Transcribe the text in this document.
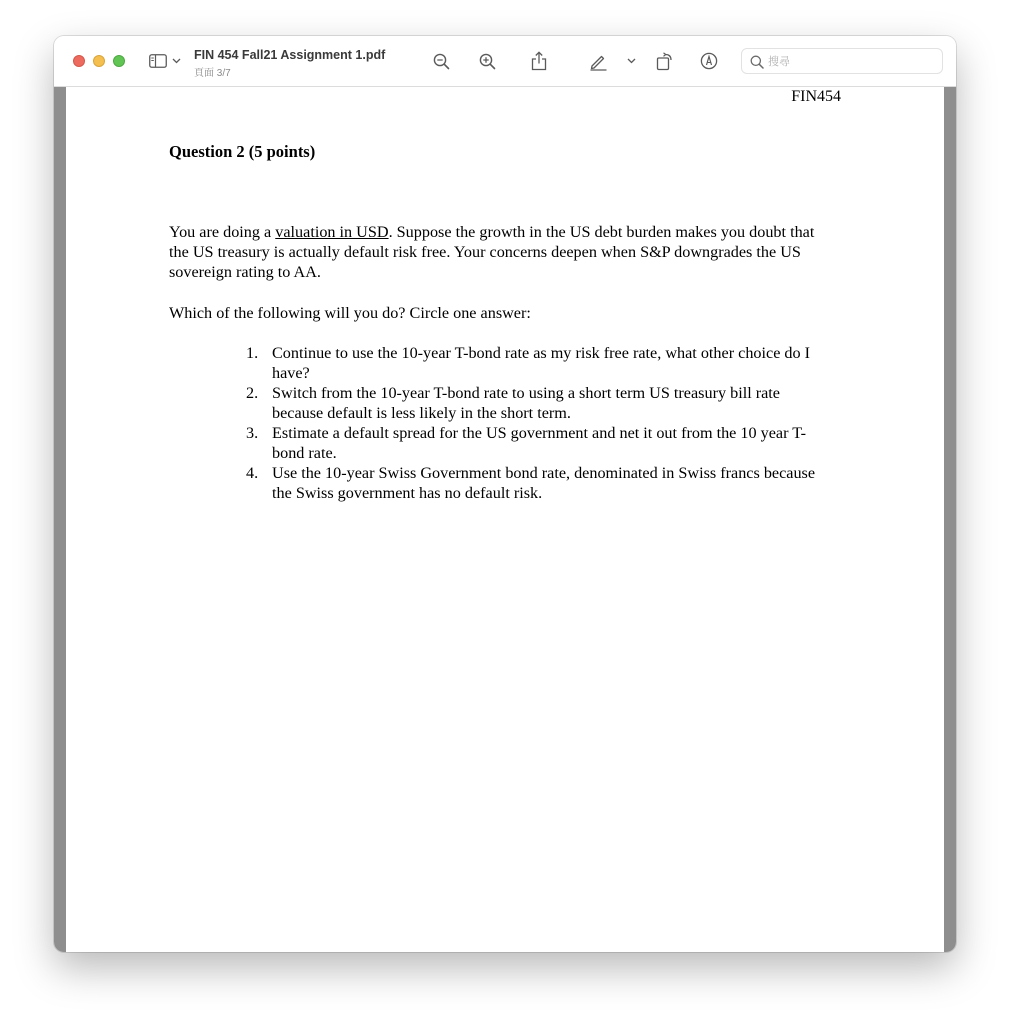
FIN 454 Fall21 Assignment 1.pdf
頁面 3/7
搜尋
FIN454
Question 2 (5 points)
You are doing a valuation in USD. Suppose the growth in the US debt burden makes you doubt that the US treasury is actually default risk free. Your concerns deepen when S&P downgrades the US sovereign rating to AA.
Which of the following will you do? Circle one answer:
1. Continue to use the 10-year T-bond rate as my risk free rate, what other choice do I have?
2. Switch from the 10-year T-bond rate to using a short term US treasury bill rate because default is less likely in the short term.
3. Estimate a default spread for the US government and net it out from the 10 year T-bond rate.
4. Use the 10-year Swiss Government bond rate, denominated in Swiss francs because the Swiss government has no default risk.
